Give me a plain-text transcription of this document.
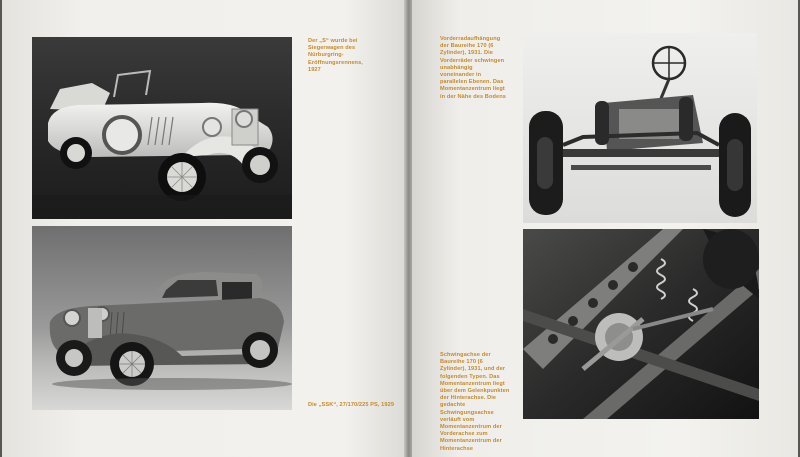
Der „S“ wurde bei Siegerwagen des Nürburgring-Eröffnungsrennens, 1927
Die „SSK“, 27/170/225 PS, 1929
Vorderradaufhängung der Baureihe 170 (6 Zylinder), 1931. Die Vorderräder schwingen unabhängig voneinander in parallelen Ebenen. Das Momentanzentrum liegt in der Nähe des Bodens
Schwingachse der Baureihe 170 (6 Zylinder), 1931, und der folgenden Typen. Das Momentanzentrum liegt über dem Gelenkpunkten der Hinterachse. Die gedachte Schwingungsachse verläuft vom Momentanzentrum der Vorderachse zum Momentanzentrum der Hinterachse
